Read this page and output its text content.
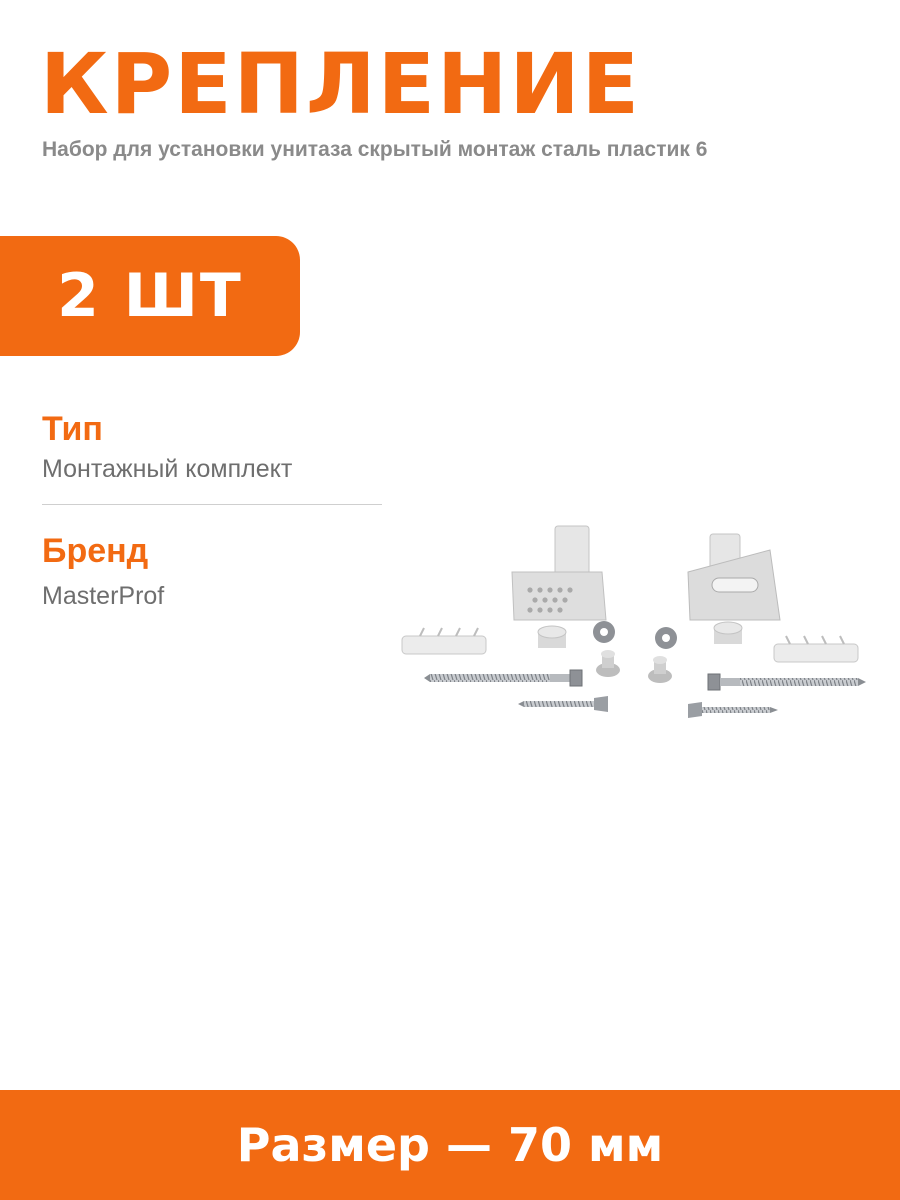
КРЕПЛЕНИЕ
Набор для установки унитаза скрытый монтаж сталь пластик 6
2 ШТ
Тип
Монтажный комплект
Бренд
MasterProf
Размер — 70 мм
